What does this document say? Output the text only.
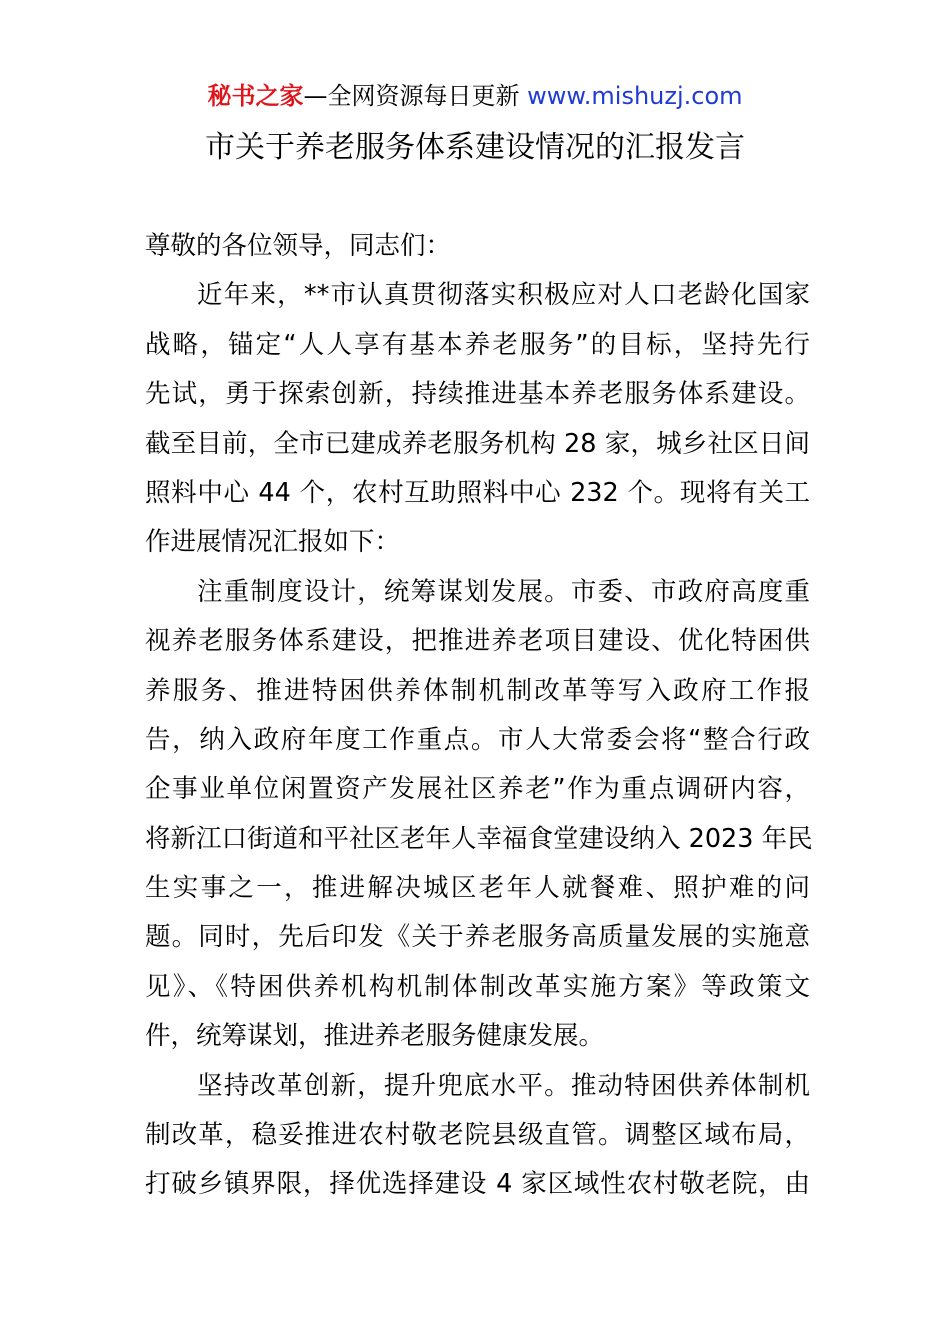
秘书之家—全网资源每日更新 www.mishuzj.com
市关于养老服务体系建设情况的汇报发言

尊敬的各位领导，同志们：

近年来，**市认真贯彻落实积极应对人口老龄化国家
战略，锚定“人人享有基本养老服务”的目标，坚持先行
先试，勇于探索创新，持续推进基本养老服务体系建设。
截至目前，全市已建成养老服务机构 28 家，城乡社区日间
照料中心 44 个，农村互助照料中心 232 个。现将有关工
作进展情况汇报如下：

注重制度设计，统筹谋划发展。市委、市政府高度重
视养老服务体系建设，把推进养老项目建设、优化特困供
养服务、推进特困供养体制机制改革等写入政府工作报
告，纳入政府年度工作重点。市人大常委会将“整合行政
企事业单位闲置资产发展社区养老”作为重点调研内容，
将新江口街道和平社区老年人幸福食堂建设纳入 2023 年民
生实事之一，推进解决城区老年人就餐难、照护难的问
题。同时，先后印发《关于养老服务高质量发展的实施意
见》、《特困供养机构机制体制改革实施方案》等政策文
件，统筹谋划，推进养老服务健康发展。

坚持改革创新，提升兜底水平。推动特困供养体制机
制改革，稳妥推进农村敬老院县级直管。调整区域布局，
打破乡镇界限，择优选择建设 4 家区域性农村敬老院，由
